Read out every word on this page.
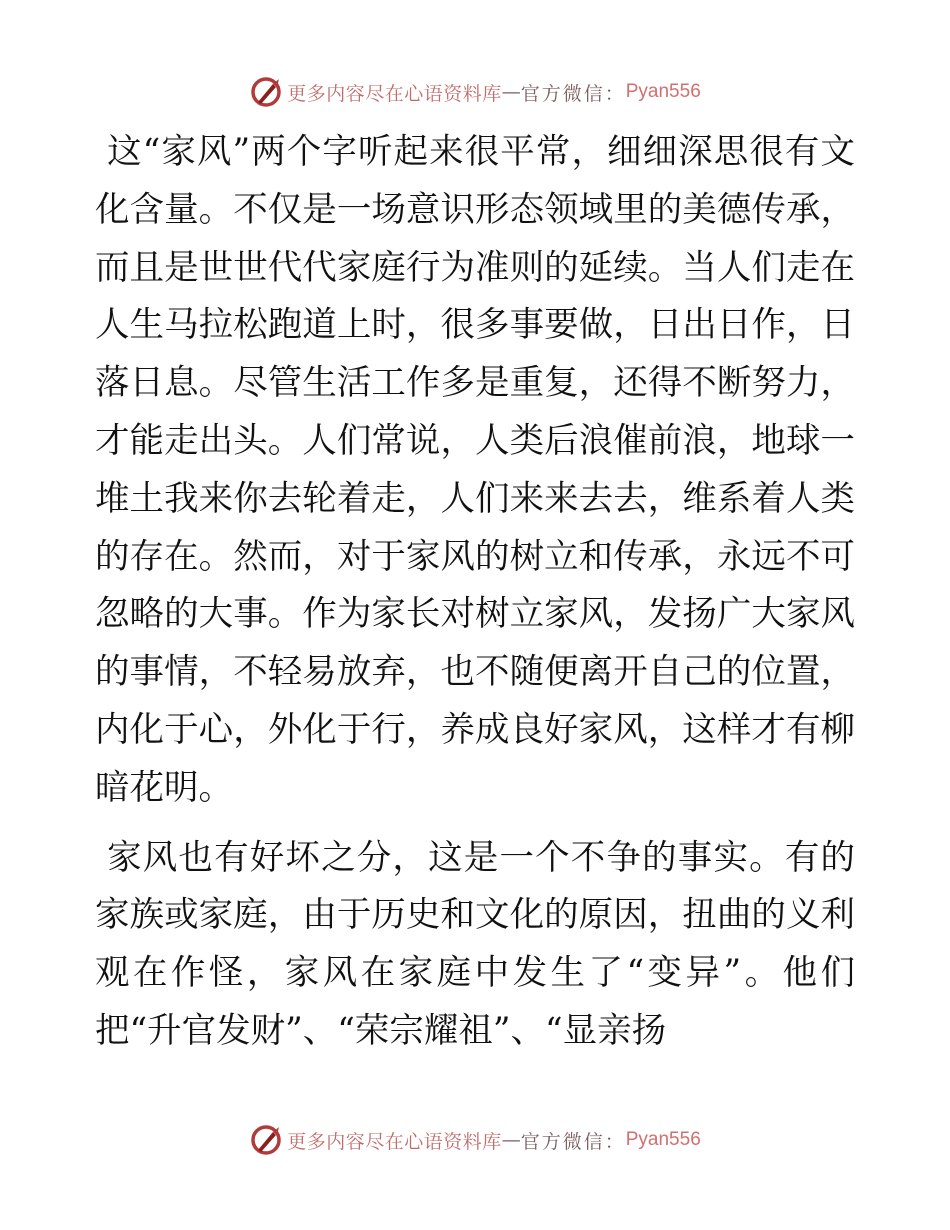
更多内容尽在心语资料库 — 官方微信： Pyan556

这“家风”两个字听起来很平常，细细深思很有文化含量。不仅是一场意识形态领域里的美德传承，而且是世世代代家庭行为准则的延续。当人们走在人生马拉松跑道上时，很多事要做，日出日作，日落日息。尽管生活工作多是重复，还得不断努力，才能走出头。人们常说，人类后浪催前浪，地球一堆土我来你去轮着走，人们来来去去，维系着人类的存在。然而，对于家风的树立和传承，永远不可忽略的大事。作为家长对树立家风，发扬广大家风的事情，不轻易放弃，也不随便离开自己的位置，内化于心，外化于行，养成良好家风，这样才有柳暗花明。

家风也有好坏之分，这是一个不争的事实。有的家族或家庭，由于历史和文化的原因，扭曲的义利观在作怪，家风在家庭中发生了“变异”。他们把“升官发财”、“荣宗耀祖”、“显亲扬

更多内容尽在心语资料库 — 官方微信： Pyan556
